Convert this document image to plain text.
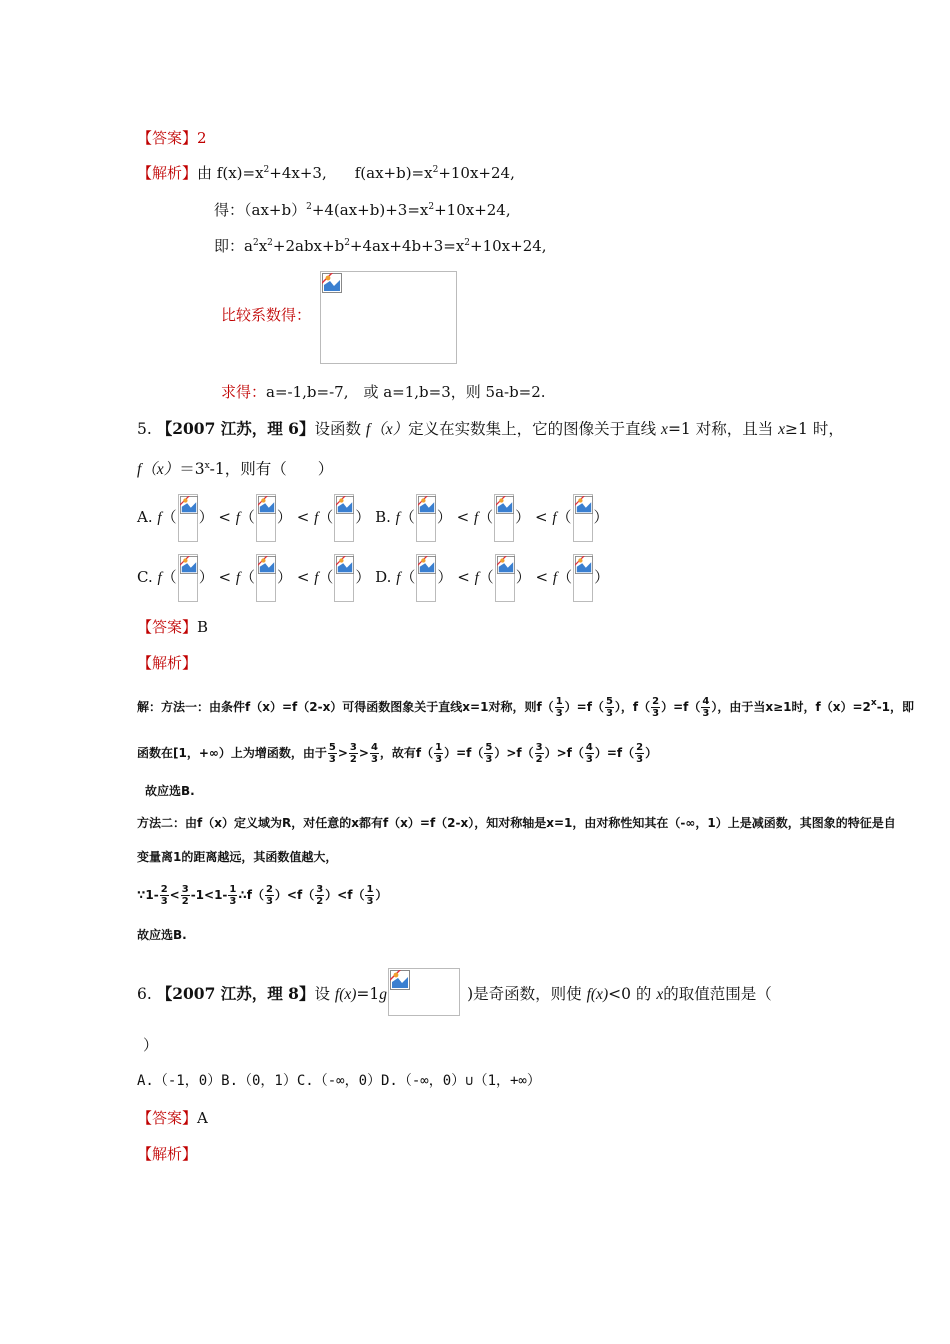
【答案】2
【解析】由 $f(x)=x^2+4x+3$, $f(ax+b)=x^2+10x+24$,
得：$(ax+b)^2+4(ax+b)+3=x^2+10x+24$,
即：$a^2x^2+2abx+b^2+4ax+4b+3=x^2+10x+24$,
比较系数得：
求得：a=-1,b=-7,　或 a=1,b=3，则 5a-b=2.
5. 【2007 江苏，理 6】设函数 f（x）定义在实数集上，它的图像关于直线 x=1 对称，且当 x≥1 时，
$f(x)=3^x-1$，则有（　　）
A. f（ ） < f（ ） < f（ ） B. f（ ） < f（ ） < f（ ）
C. f（ ） < f（ ） < f（ ） D. f（ ） < f（ ） < f（ ）
【答案】B
【解析】
解：方法一：由条件f（x）=f（2-x）可得函数图象关于直线x=1对称，则$f( \frac{1}{3} )=f( \frac{5}{3}$ ），$f( \frac{2}{3} )=f( \frac{4}{3}$ ），由于当x≥1时，$f(x)=2^x-1$，即
函数在[1，+∞）上为增函数，由于 $\frac{5}{3} > \frac{3}{2} > \frac{4}{3}$ ，故有$f( \frac{1}{3} )=f( \frac{5}{3} )>f( \frac{3}{2} )>f( \frac{4}{3} )=f( \frac{2}{3}$ ）
故应选B.
方法二：由f（x）定义域为R，对任意的x都有f（x）=f（2-x），知对称轴是x=1，由对称性知其在（-∞，1）上是减函数，其图象的特征是自
变量离1的距离越远，其函数值越大，
∵1- $\frac{2}{3} < \frac{3}{2} -1<1- \frac{1}{3}$ ∴f（ $\frac{2}{3} )<f( \frac{3}{2} )<f( \frac{1}{3}$ ）
故应选B.
6. 【2007 江苏，理 8】设 f(x)=1g	)是奇函数，则使 f(x)<0 的 x的取值范围是（
）
A.（-1，0）B.（0，1）C.（-∞，0）D.（-∞，0）∪（1，+∞）
【答案】A
【解析】
